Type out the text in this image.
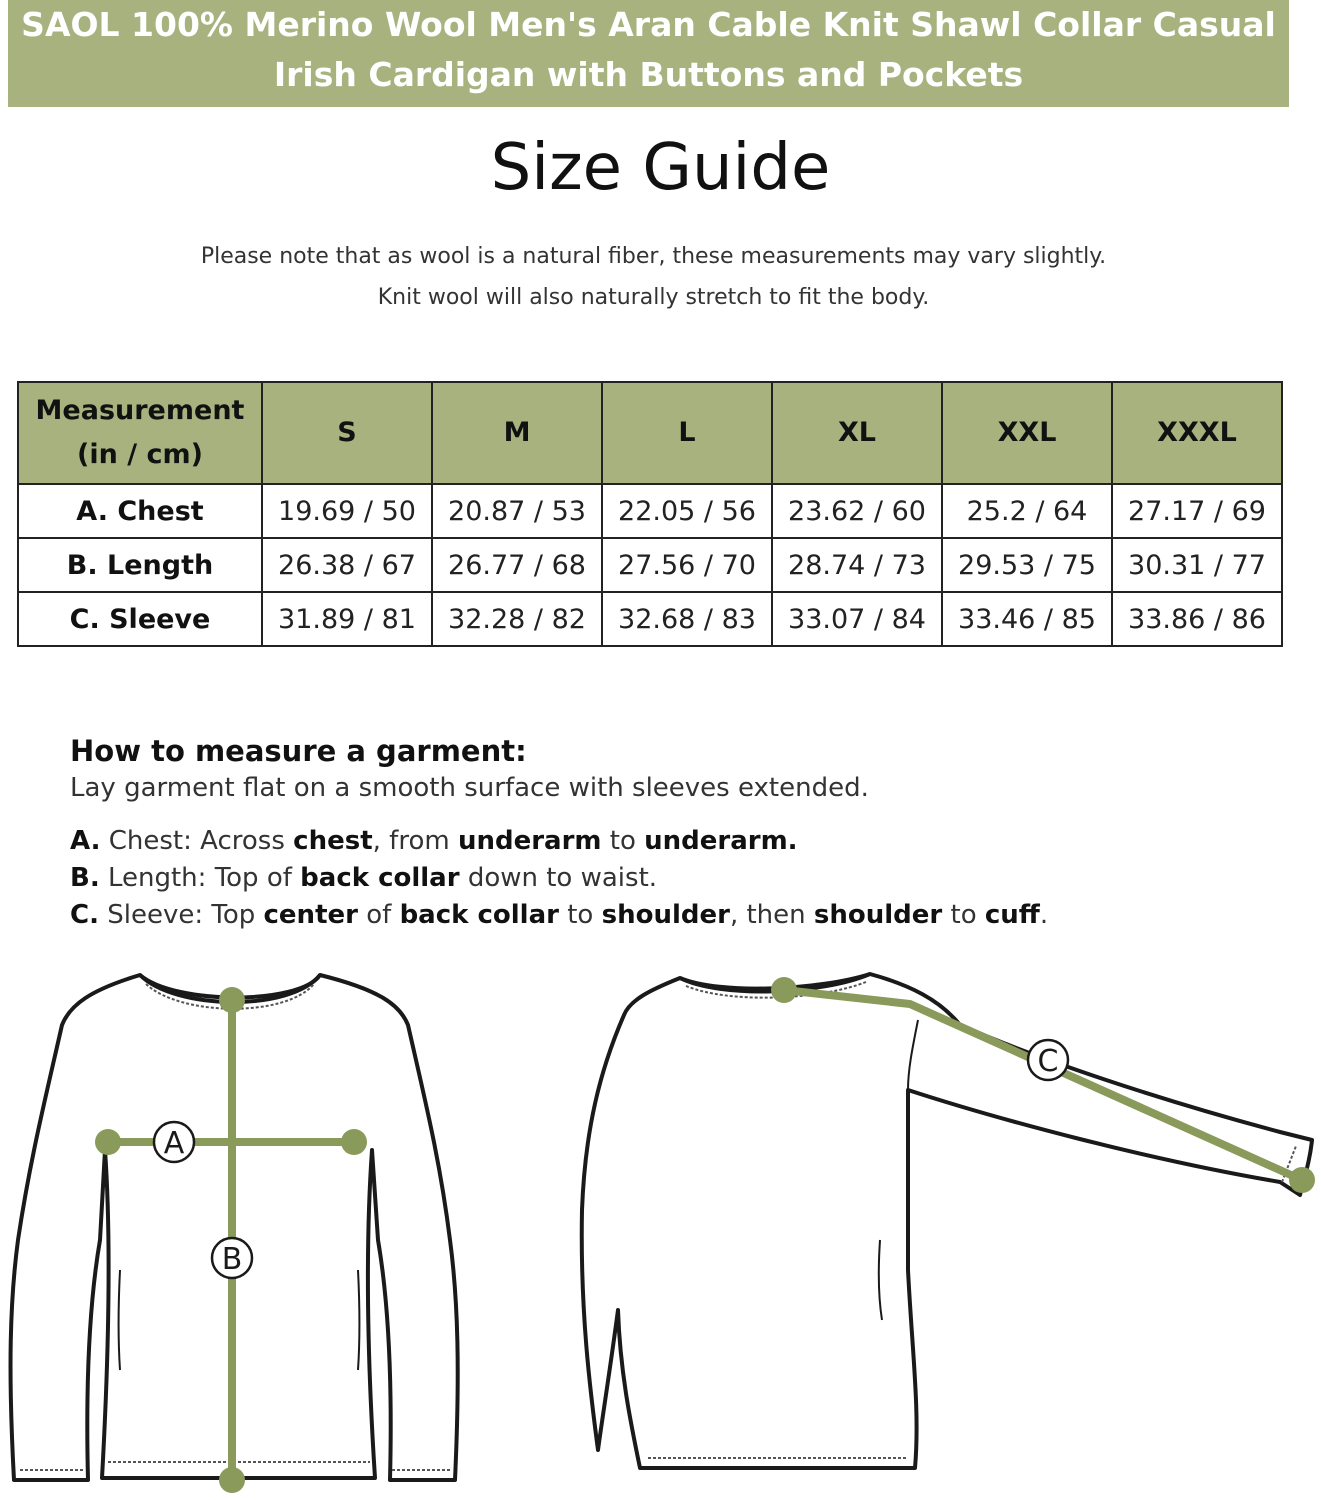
SAOL 100% Merino Wool Men's Aran Cable Knit Shawl Collar Casual
Irish Cardigan with Buttons and Pockets
Size Guide
Please note that as wool is a natural fiber, these measurements may vary slightly.
Knit wool will also naturally stretch to fit the body.
Measurement
(in / cm)	S	M	L	XL	XXL	XXXL
A. Chest	19.69 / 50	20.87 / 53	22.05 / 56	23.62 / 60	25.2 / 64	27.17 / 69
B. Length	26.38 / 67	26.77 / 68	27.56 / 70	28.74 / 73	29.53 / 75	30.31 / 77
C. Sleeve	31.89 / 81	32.28 / 82	32.68 / 83	33.07 / 84	33.46 / 85	33.86 / 86
How to measure a garment:
Lay garment flat on a smooth surface with sleeves extended.
A. Chest: Across chest, from underarm to underarm.
B. Length: Top of back collar down to waist.
C. Sleeve: Top center of back collar to shoulder, then shoulder to cuff.
A
B
C
